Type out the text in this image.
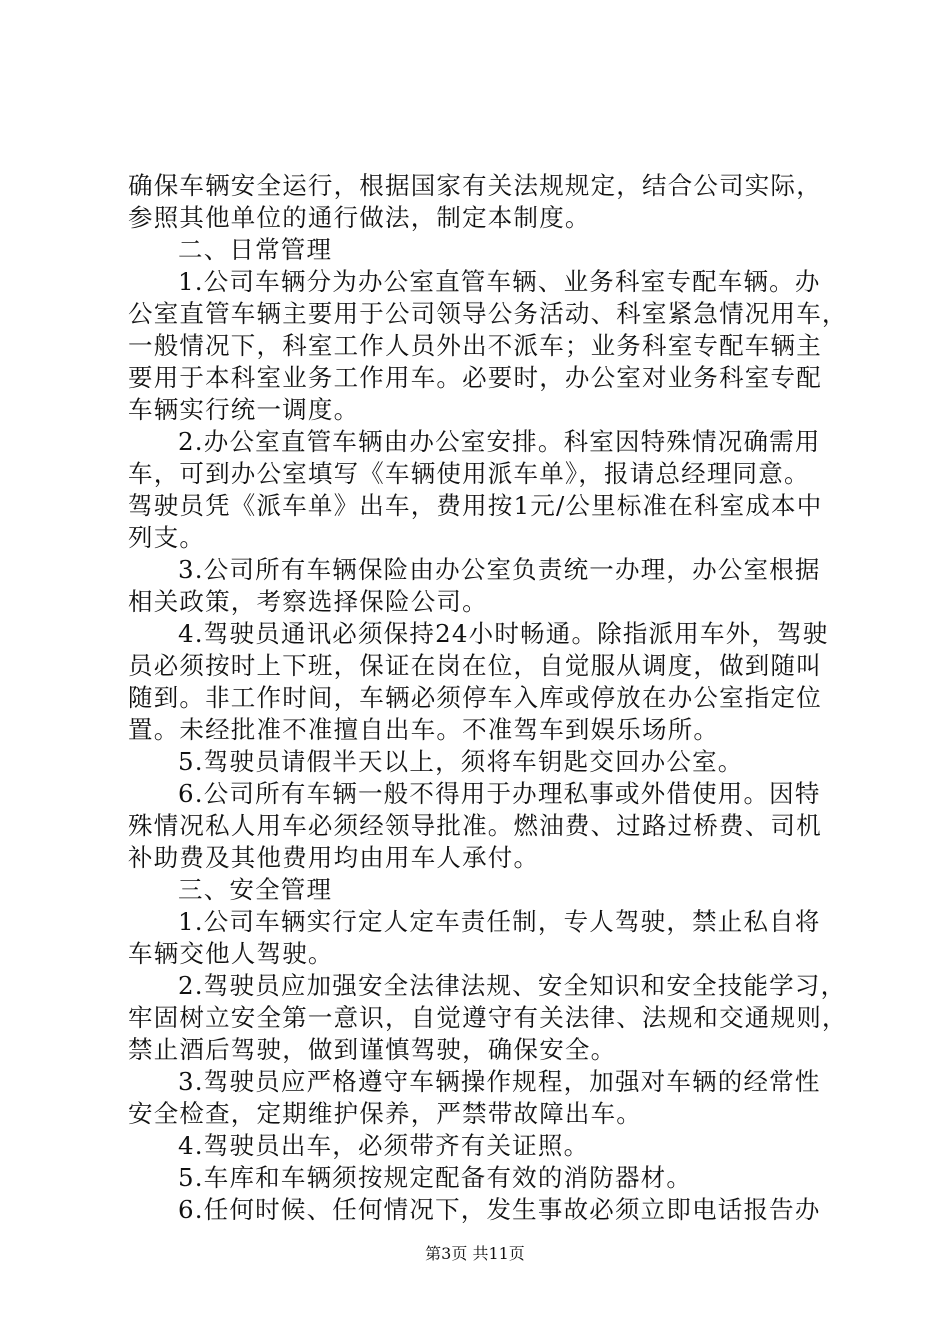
确保车辆安全运行，根据国家有关法规规定，结合公司实际，
参照其他单位的通行做法，制定本制度。
二、日常管理
1.公司车辆分为办公室直管车辆、业务科室专配车辆。办
公室直管车辆主要用于公司领导公务活动、科室紧急情况用车，
一般情况下，科室工作人员外出不派车；业务科室专配车辆主
要用于本科室业务工作用车。必要时，办公室对业务科室专配
车辆实行统一调度。
2.办公室直管车辆由办公室安排。科室因特殊情况确需用
车，可到办公室填写《车辆使用派车单》，报请总经理同意。
驾驶员凭《派车单》出车，费用按1元/公里标准在科室成本中
列支。
3.公司所有车辆保险由办公室负责统一办理，办公室根据
相关政策，考察选择保险公司。
4.驾驶员通讯必须保持24小时畅通。除指派用车外，驾驶
员必须按时上下班，保证在岗在位，自觉服从调度，做到随叫
随到。非工作时间，车辆必须停车入库或停放在办公室指定位
置。未经批准不准擅自出车。不准驾车到娱乐场所。
5.驾驶员请假半天以上，须将车钥匙交回办公室。
6.公司所有车辆一般不得用于办理私事或外借使用。因特
殊情况私人用车必须经领导批准。燃油费、过路过桥费、司机
补助费及其他费用均由用车人承付。
三、安全管理
1.公司车辆实行定人定车责任制，专人驾驶，禁止私自将
车辆交他人驾驶。
2.驾驶员应加强安全法律法规、安全知识和安全技能学习，
牢固树立安全第一意识，自觉遵守有关法律、法规和交通规则，
禁止酒后驾驶，做到谨慎驾驶，确保安全。
3.驾驶员应严格遵守车辆操作规程，加强对车辆的经常性
安全检查，定期维护保养，严禁带故障出车。
4.驾驶员出车，必须带齐有关证照。
5.车库和车辆须按规定配备有效的消防器材。
6.任何时候、任何情况下，发生事故必须立即电话报告办
第3页 共11页
